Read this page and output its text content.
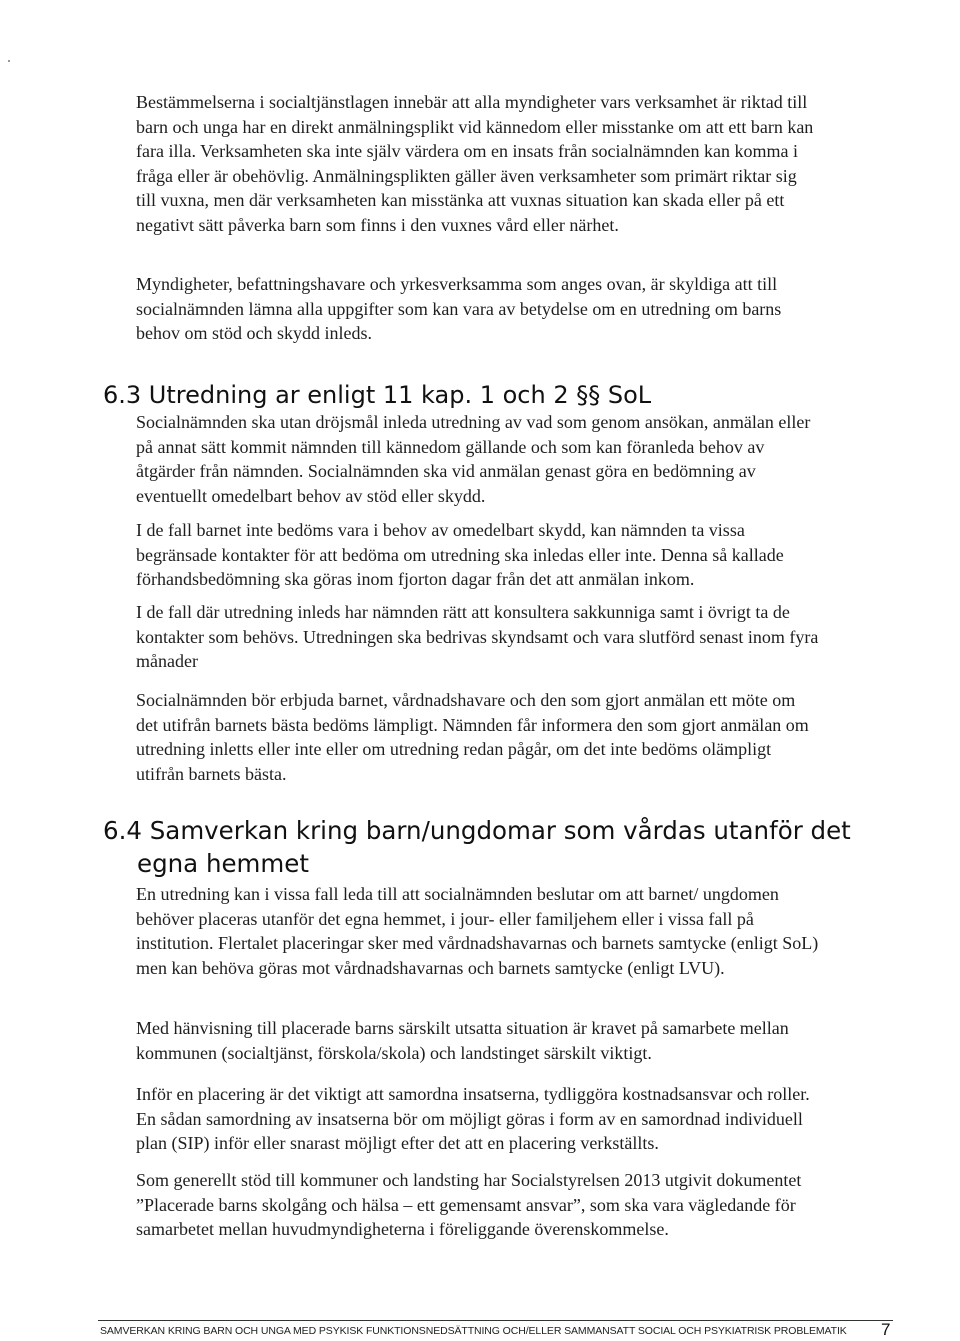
Bestämmelserna i socialtjänstlagen innebär att alla myndigheter vars verksamhet är riktad till barn och unga har en direkt anmälningsplikt vid kännedom eller misstanke om att ett barn kan fara illa. Verksamheten ska inte själv värdera om en insats från socialnämnden kan komma i fråga eller är obehövlig. Anmälningsplikten gäller även verksamheter som primärt riktar sig till vuxna, men där verksamheten kan misstänka att vuxnas situation kan skada eller på ett negativt sätt påverka barn som finns i den vuxnes vård eller närhet.

Myndigheter, befattningshavare och yrkesverksamma som anges ovan, är skyldiga att till socialnämnden lämna alla uppgifter som kan vara av betydelse om en utredning om barns behov om stöd och skydd inleds.

6.3 Utredning ar enligt 11 kap. 1 och 2 §§ SoL

Socialnämnden ska utan dröjsmål inleda utredning av vad som genom ansökan, anmälan eller på annat sätt kommit nämnden till kännedom gällande och som kan föranleda behov av åtgärder från nämnden. Socialnämnden ska vid anmälan genast göra en bedömning av eventuellt omedelbart behov av stöd eller skydd.

I de fall barnet inte bedöms vara i behov av omedelbart skydd, kan nämnden ta vissa begränsade kontakter för att bedöma om utredning ska inledas eller inte. Denna så kallade förhandsbedömning ska göras inom fjorton dagar från det att anmälan inkom.

I de fall där utredning inleds har nämnden rätt att konsultera sakkunniga samt i övrigt ta de kontakter som behövs. Utredningen ska bedrivas skyndsamt och vara slutförd senast inom fyra månader

Socialnämnden bör erbjuda barnet, vårdnadshavare och den som gjort anmälan ett möte om det utifrån barnets bästa bedöms lämpligt. Nämnden får informera den som gjort anmälan om utredning inletts eller inte eller om utredning redan pågår, om det inte bedöms olämpligt utifrån barnets bästa.

6.4 Samverkan kring barn/ungdomar som vårdas utanför det
egna hemmet

En utredning kan i vissa fall leda till att socialnämnden beslutar om att barnet/ ungdomen behöver placeras utanför det egna hemmet, i jour- eller familjehem eller i vissa fall på institution. Flertalet placeringar sker med vårdnadshavarnas och barnets samtycke (enligt SoL) men kan behöva göras mot vårdnadshavarnas och barnets samtycke (enligt LVU).

Med hänvisning till placerade barns särskilt utsatta situation är kravet på samarbete mellan kommunen (socialtjänst, förskola/skola) och landstinget särskilt viktigt.

Inför en placering är det viktigt att samordna insatserna, tydliggöra kostnadsansvar och roller. En sådan samordning av insatserna bör om möjligt göras i form av en samordnad individuell plan (SIP) inför eller snarast möjligt efter det att en placering verkställts.

Som generellt stöd till kommuner och landsting har Socialstyrelsen 2013 utgivit dokumentet ”Placerade barns skolgång och hälsa – ett gemensamt ansvar”, som ska vara vägledande för samarbetet mellan huvudmyndigheterna i föreliggande överenskommelse.

SAMVERKAN KRING BARN OCH UNGA MED PSYKISK FUNKTIONSNEDSÄTTNING OCH/ELLER SAMMANSATT SOCIAL OCH PSYKIATRISK PROBLEMATIK	7
